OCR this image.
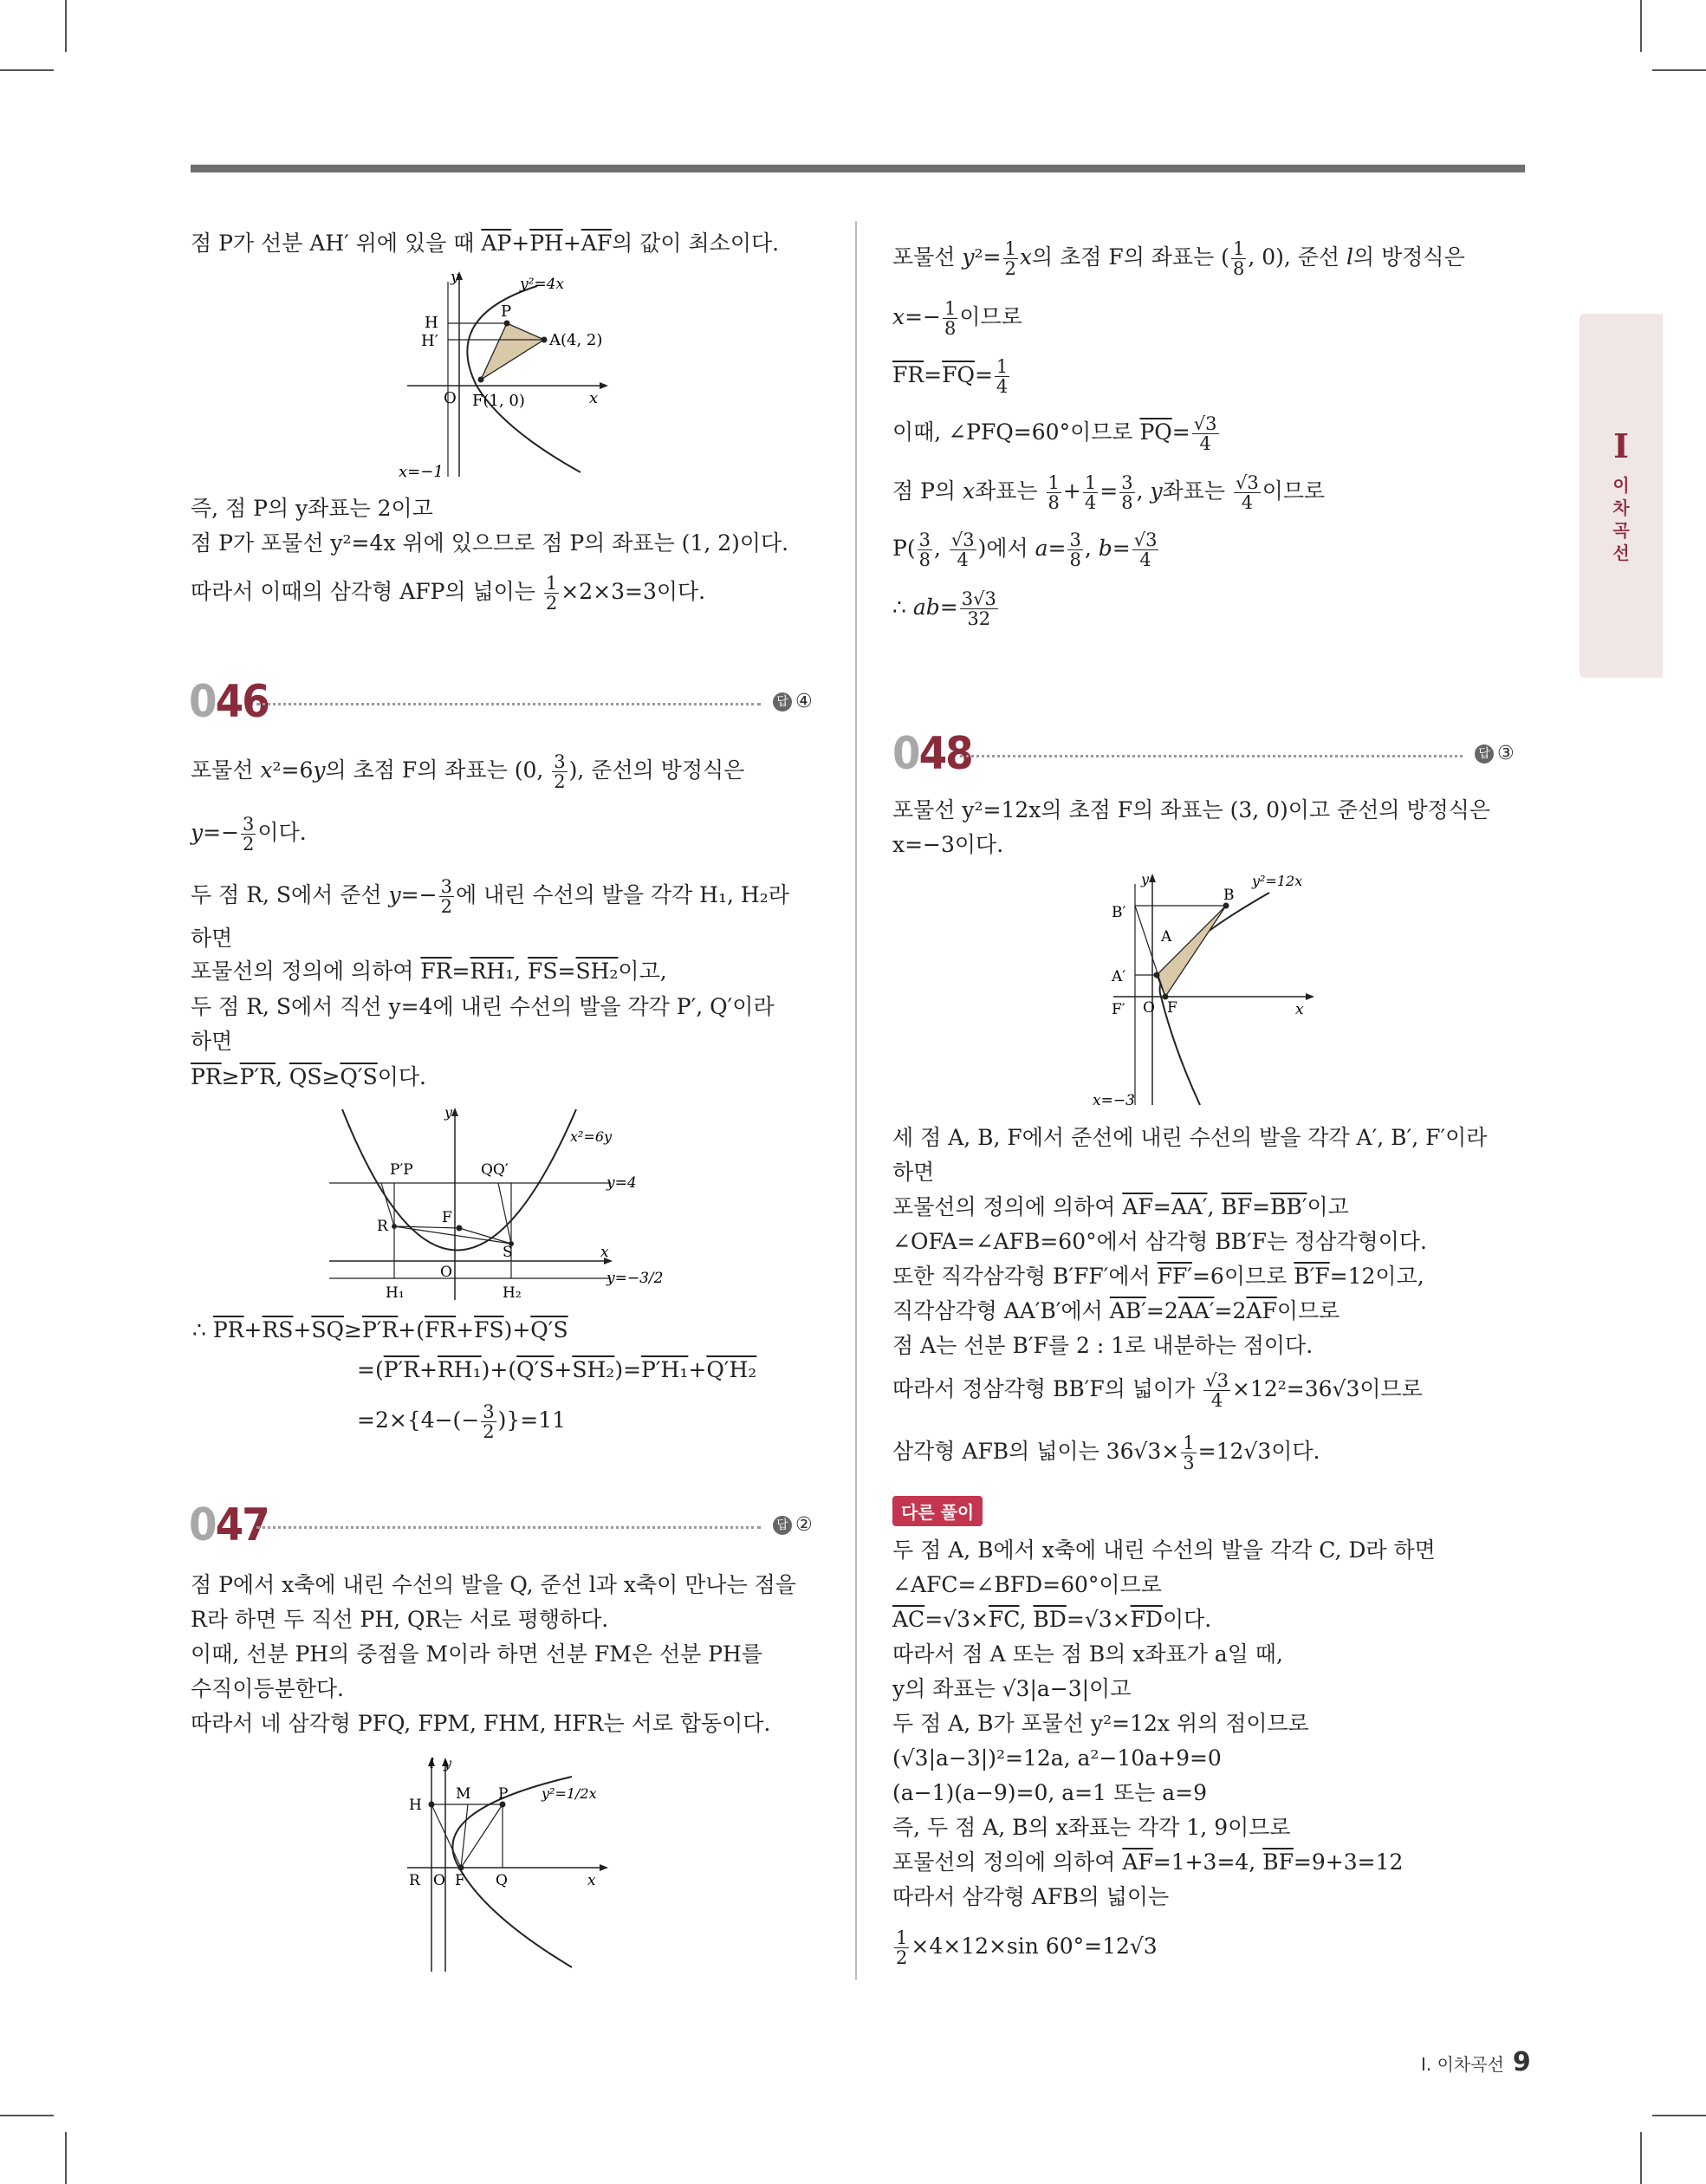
I
이
차
곡
선
점 P가 선분 AH′ 위에 있을 때 $\overline{AP}+\overline{PH}+\overline{AF}$의 값이 최소이다.
y	y²=4x
H
H′
P
A(4, 2)
O F(1, 0)	x
x=−1
즉, 점 P의 y좌표는 2이고
점 P가 포물선 y²=4x 위에 있으므로 점 P의 좌표는 (1, 2)이다.
따라서 이때의 삼각형 AFP의 넓이는 $\frac{1}{2} \times 2\times 3=3$이다.
046	답 ④
포물선 x²=6y의 초점 F의 좌표는 (0, $\frac{3}{2}$ ), 준선의 방정식은
$y=- \frac{3}{2}$ 이다.
두 점 R, S에서 준선 $y=- \frac{3}{2}$ 에 내린 수선의 발을 각각 H₁, H₂라
하면
포물선의 정의에 의하여 $\overline{FR}=RH_1$, $\overline{FS}=SH_2$이고,
두 점 R, S에서 직선 y=4에 내린 수선의 발을 각각 P′, Q′이라
하면
$\overline{PR}\ge P'R$, $\overline{QS}\ge Q'S$이다.
y
x²=6y
y=4
y=−3/2
P′P	QQ′
R	F
S
O
H₁	H₂
x
∴ $\overline{PR}+\overline{RS}+\overline{SQ}\ge P'R+(\overline{FR}+\overline{FS})+Q'S$
=(P′R+RH₁)+(Q′S+SH₂)=P′H₁+Q′H₂
$=2\times\{4-(- \frac{3}{2} )\}=11$
047	답 ②
점 P에서 x축에 내린 수선의 발을 Q, 준선 l과 x축이 만나는 점을
R라 하면 두 직선 PH, QR는 서로 평행하다.
이때, 선분 PH의 중점을 M이라 하면 선분 FM은 선분 PH를
수직이등분한다.
따라서 네 삼각형 PFQ, FPM, FHM, HFR는 서로 합동이다.
l y
y²=1/2x
H
M P
R O F Q	x
포물선 $y^2= \frac{1}{2}$ x의 초점 F의 좌표는 ( $\frac{1}{8}$ , 0), 준선 l의 방정식은
$x=- \frac{1}{8}$ 이므로
$\overline{FR}=\overline{FQ}= \frac{1}{4}$
이때, ∠PFQ=60°이므로 $\overline{PQ}= \frac{√3}{4}$
점 P의 x좌표는 $\frac{1}{8} + \frac{1}{4} = \frac{3}{8}$ , y좌표는 $\frac{√3}{4}$ 이므로
$P( \frac{3}{8}$ , $\frac{√3}{4}$ )에서 $a= \frac{3}{8}$ , $b= \frac{√3}{4}$
∴ $ab= \frac{3√3}{32}$
048	답 ③
포물선 y²=12x의 초점 F의 좌표는 (3, 0)이고 준선의 방정식은
x=−3이다.
y	y²=12x
B
B′
A
A′
F′ O F	x
x=−3
세 점 A, B, F에서 준선에 내린 수선의 발을 각각 A′, B′, F′이라
하면
포물선의 정의에 의하여 $\overline{AF}=AA'$, $\overline{BF}=BB'$이고
∠OFA=∠AFB=60°에서 삼각형 BB′F는 정삼각형이다.
또한 직각삼각형 B′FF′에서 FF′=6이므로 B′F=12이고,
직각삼각형 AA′B′에서 $AB'=2AA'=2\overline{AF}$이므로
점 A는 선분 B′F를 2 : 1로 내분하는 점이다.
따라서 정삼각형 BB′F의 넓이가 $\frac{√3}{4} \times 12^2=36√3$이므로
삼각형 AFB의 넓이는 $36√3\times \frac{1}{3} =12√3$이다.
다른 풀이
두 점 A, B에서 x축에 내린 수선의 발을 각각 C, D라 하면
∠AFC=∠BFD=60°이므로
$\overline{AC}=√3\times\overline{FC}$, $\overline{BD}=√3\times\overline{FD}$이다.
따라서 점 A 또는 점 B의 x좌표가 a일 때,
y의 좌표는 √3|a−3|이고
두 점 A, B가 포물선 y²=12x 위의 점이므로
(√3|a−3|)²=12a, a²−10a+9=0
(a−1)(a−9)=0, a=1 또는 a=9
즉, 두 점 A, B의 x좌표는 각각 1, 9이므로
포물선의 정의에 의하여 $\overline{AF}=1+3=4$, $\overline{BF}=9+3=12$
따라서 삼각형 AFB의 넓이는
$\frac{1}{2} \times 4\times 12\times\sin$ 60°=12√3
Ⅰ. 이차곡선 9
